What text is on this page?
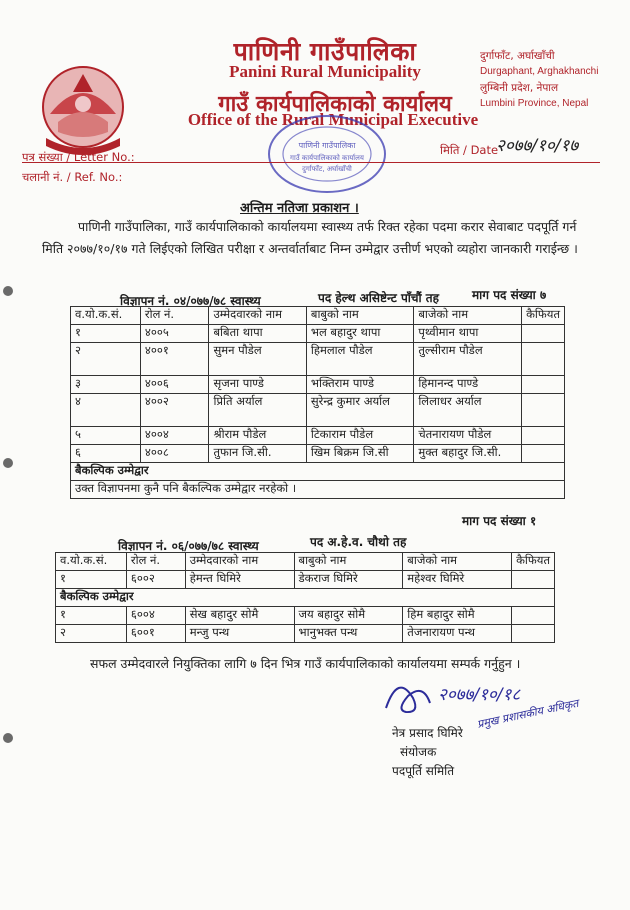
पाणिनी गाउँपालिका
Panini Rural Municipality
गाउँ कार्यपालिकाको कार्यालय
Office of the Rural Municipal Executive
दुर्गाफाँट, अर्घाखाँची
Durgaphant, Arghakhanchi
लुम्बिनी प्रदेश, नेपाल
Lumbini Province, Nepal
पाणिनी गाउँपालिका
गाउँ कार्यपालिकाको कार्यालय
दुर्गाफाँट, अर्घाखाँची
पत्र संख्या / Letter No.:	मिति / Date
२०७७/१०/१७
चलानी नं. / Ref. No.:
अन्तिम नतिजा प्रकाशन ।
पाणिनी गाउँपालिका, गाउँ कार्यपालिकाको कार्यालयमा स्वास्थ्य तर्फ रिक्त रहेका पदमा करार सेवाबाट पदपूर्ति गर्न मिति २०७७/१०/१७ गते लिईएको लिखित परीक्षा र अन्तर्वार्ताबाट निम्न उम्मेद्वार उत्तीर्ण भएको व्यहोरा जानकारी गराईन्छ ।
विज्ञापन नं. ०४/०७७/७८ स्वास्थ्य	पद हेल्थ असिष्टेन्ट पाँचौं तह	माग पद संख्या ७
व.यो.क.सं.	रोल नं.	उम्मेदवारको नाम	बाबुको नाम	बाजेको नाम	कैफियत
१	४००५	बबिता थापा	भल बहादुर थापा	पृथ्वीमान थापा	
२	४००१	सुमन पौडेल	हिमलाल पौडेल	तुल्सीराम पौडेल	
३	४००६	सृजना पाण्डे	भक्तिराम पाण्डे	हिमानन्द पाण्डे	
४	४००२	प्रिति अर्याल	सुरेन्द्र कुमार अर्याल	लिलाधर अर्याल	
५	४००४	श्रीराम पौडेल	टिकाराम पौडेल	चेतनारायण पौडेल	
६	४००८	तुफान जि.सी.	खिम बिक्रम जि.सी	मुक्त बहादुर जि.सी.	
बैकल्पिक उम्मेद्वार					
उक्त विज्ञापनमा कुनै पनि बैकल्पिक उम्मेद्वार नरहेको ।					
विज्ञापन नं. ०६/०७७/७८ स्वास्थ्य	पद अ.हे.व. चौथो तह
माग पद संख्या १
व.यो.क.सं.	रोल नं.	उम्मेदवारको नाम	बाबुको नाम	बाजेको नाम	कैफियत
१	६००२	हेमन्त घिमिरे	डेकराज घिमिरे	महेश्वर घिमिरे	
बैकल्पिक उम्मेद्वार					
१	६००४	सेख बहादुर सोमै	जय बहादुर सोमै	हिम बहादुर सोमै	
२	६००१	मन्जु पन्थ	भानुभक्त पन्थ	तेजनारायण पन्थ	
सफल उम्मेदवारले नियुक्तिका लागि ७ दिन भित्र गाउँ कार्यपालिकाको कार्यालयमा सम्पर्क गर्नुहुन ।
२०७७/१०/१८
प्रमुख प्रशासकीय अधिकृत
नेत्र प्रसाद घिमिरे
संयोजक
पदपूर्ति समिति
